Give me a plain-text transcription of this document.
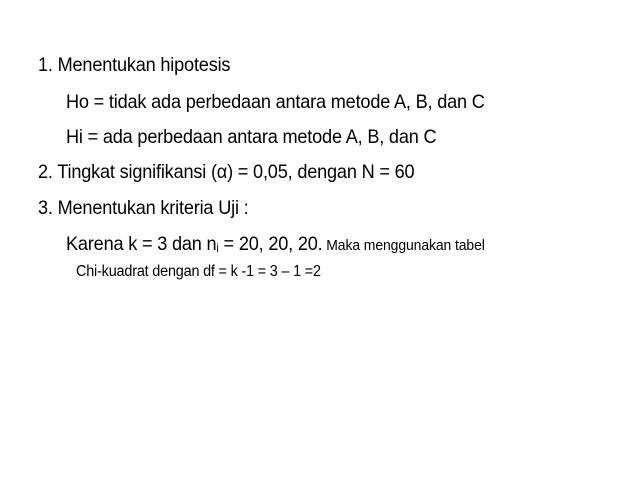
1. Menentukan hipotesis
Ho = tidak ada perbedaan antara metode A, B, dan C
Hi = ada perbedaan antara metode A, B, dan C
2. Tingkat signifikansi (α) = 0,05, dengan N = 60
3. Menentukan kriteria Uji :
Karena k = 3 dan ni = 20, 20, 20. Maka menggunakan tabel
Chi-kuadrat dengan df = k -1 = 3 – 1 =2
